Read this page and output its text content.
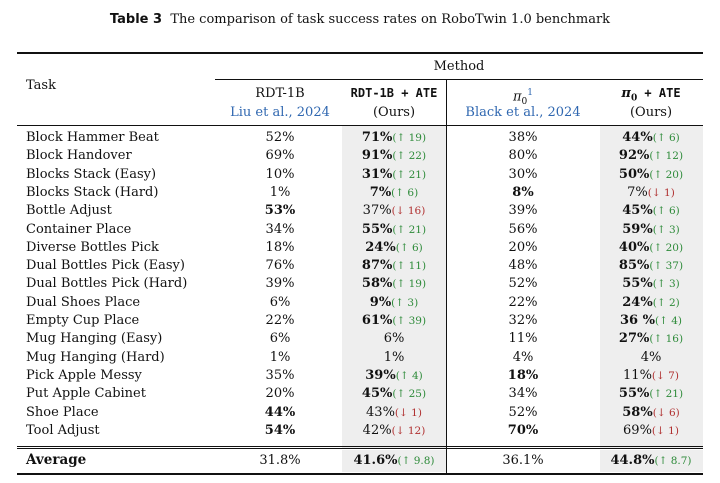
Table 3 The comparison of task success rates on RoboTwin 1.0 benchmark
Task
Method
RDT-1B
Liu et al., 2024
RDT-1B + ATE
(Ours)
$\pi_0^1$
Black et al., 2024
$\pi_0$ + ATE
(Ours)
Block Hammer Beat	52%	71%(↑ 19)	38%	44%(↑ 6)
Block Handover	69%	91%(↑ 22)	80%	92%(↑ 12)
Blocks Stack (Easy)	10%	31%(↑ 21)	30%	50%(↑ 20)
Blocks Stack (Hard)	1%	7%(↑ 6)	8%	7%(↓ 1)
Bottle Adjust	53%	37%(↓ 16)	39%	45%(↑ 6)
Container Place	34%	55%(↑ 21)	56%	59%(↑ 3)
Diverse Bottles Pick	18%	24%(↑ 6)	20%	40%(↑ 20)
Dual Bottles Pick (Easy)	76%	87%(↑ 11)	48%	85%(↑ 37)
Dual Bottles Pick (Hard)	39%	58%(↑ 19)	52%	55%(↑ 3)
Dual Shoes Place	6%	9%(↑ 3)	22%	24%(↑ 2)
Empty Cup Place	22%	61%(↑ 39)	32%	36 %(↑ 4)
Mug Hanging (Easy)	6%	6%	11%	27%(↑ 16)
Mug Hanging (Hard)	1%	1%	4%	4%
Pick Apple Messy	35%	39%(↑ 4)	18%	11%(↓ 7)
Put Apple Cabinet	20%	45%(↑ 25)	34%	55%(↑ 21)
Shoe Place	44%	43%(↓ 1)	52%	58%(↓ 6)
Tool Adjust	54%	42%(↓ 12)	70%	69%(↓ 1)
Average	31.8%	41.6%(↑ 9.8)	36.1%	44.8%(↑ 8.7)
